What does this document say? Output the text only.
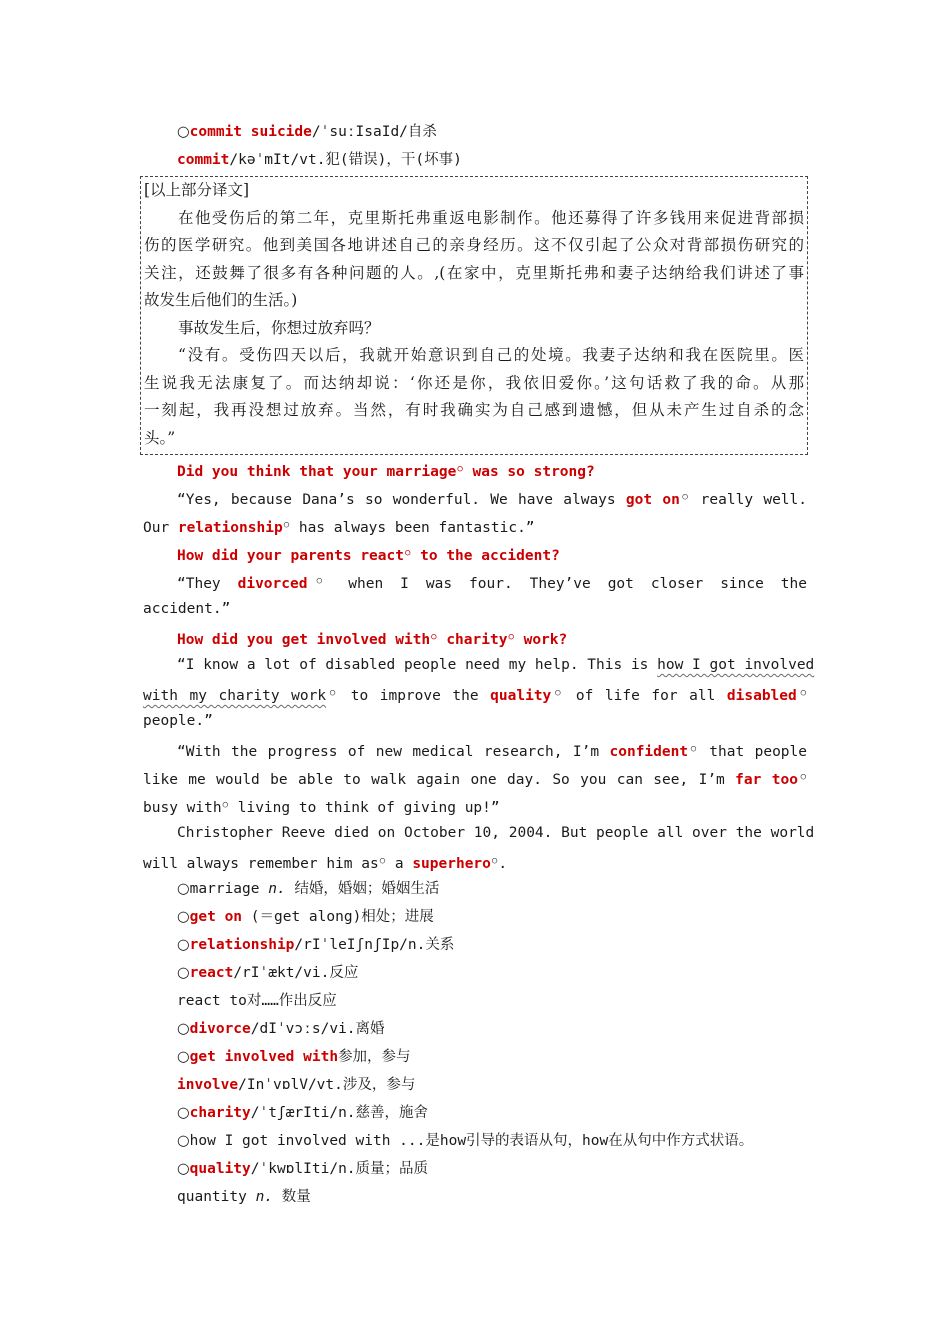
○commit suicide/ˈsuːIsaId/自杀
commit/kəˈmIt/vt.犯(错误)，干(坏事)
[以上部分译文]
在他受伤后的第二年，克里斯托弗重返电影制作。他还募得了许多钱用来促进背部损
伤的医学研究。他到美国各地讲述自己的亲身经历。这不仅引起了公众对背部损伤研究的
关注，还鼓舞了很多有各种问题的人。,(在家中，克里斯托弗和妻子达纳给我们讲述了事
故发生后他们的生活。)
事故发生后，你想过放弃吗？
“没有。受伤四天以后，我就开始意识到自己的处境。我妻子达纳和我在医院里。医
生说我无法康复了。而达纳却说：‘你还是你，我依旧爱你。’这句话救了我的命。从那
一刻起，我再没想过放弃。当然，有时我确实为自己感到遗憾，但从未产生过自杀的念
头。”
Did you think that your marriage○ was so strong?
“Yes, because Dana’s so wonderful. We have always got on○ really well.
Our relationship○ has always been fantastic.”
How did your parents react○ to the accident?
“They divorced○ when I was four. They’ve got closer since the
accident.”
How did you get involved with○ charity○ work?
“I know a lot of disabled people need my help. This is how I got involved
with my charity work○ to improve the quality○ of life for all disabled○
people.”
“With the progress of new medical research, I’m confident○ that people
like me would be able to walk again one day. So you can see, I’m far too○
busy with○ living to think of giving up!”
Christopher Reeve died on October 10, 2004. But people all over the world
will always remember him as○ a superhero○.
○marriage n. 结婚，婚姻；婚姻生活
○get on (＝get along)相处；进展
○relationship/rIˈleIʃnʃIp/n.关系
○react/rIˈækt/vi.反应
react to对……作出反应
○divorce/dIˈvɔːs/vi.离婚
○get involved with参加，参与
involve/InˈvɒlV/vt.涉及，参与
○charity/ˈtʃærIti/n.慈善，施舍
○how I got involved with ...是how引导的表语从句，how在从句中作方式状语。
○quality/ˈkwɒlIti/n.质量；品质
quantity n. 数量
